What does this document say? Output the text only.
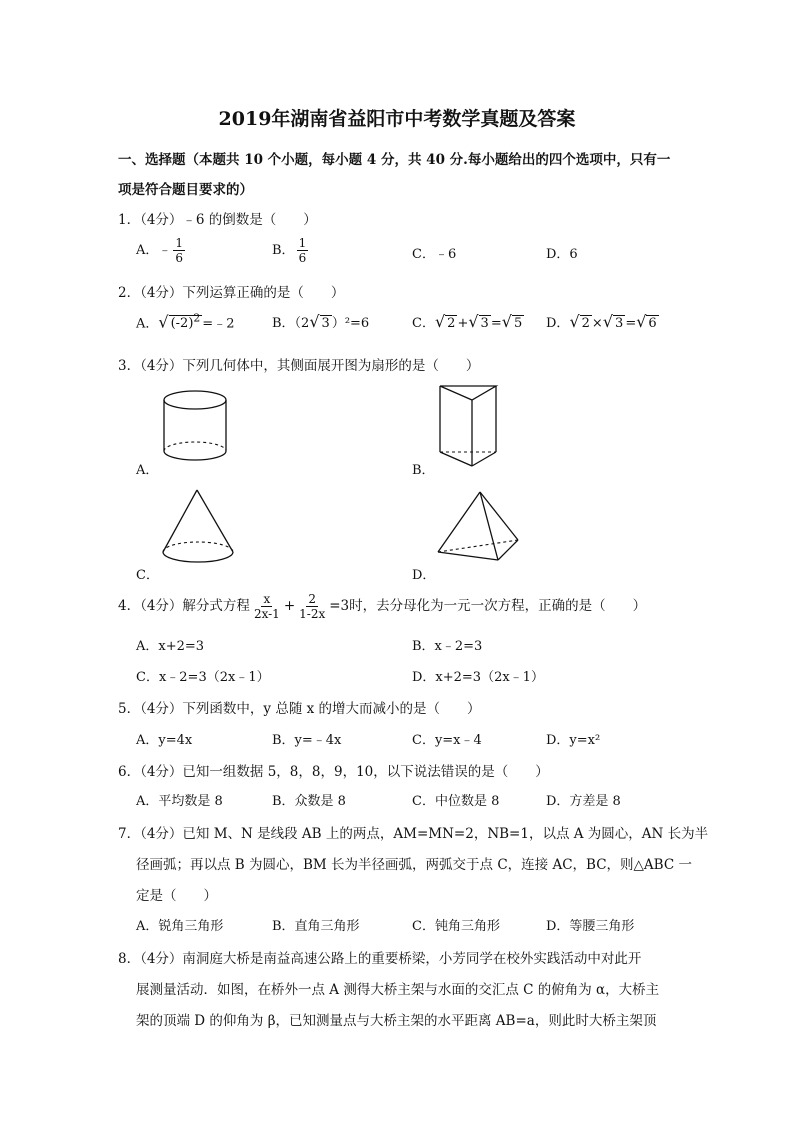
2019年湖南省益阳市中考数学真题及答案
一、选择题（本题共 10 个小题，每小题 4 分，共 40 分.每小题给出的四个选项中，只有一
项是符合题目要求的）
1．（4分）﹣6 的倒数是（　　）
A．﹣ $\frac{1}{6}$	B． $\frac{1}{6}$	C．﹣6	D．6
2．（4分）下列运算正确的是（　　）
A．√ $(-2)^2$ =﹣2	B．（2√ 3 ）²=6	C．√ 2 +√ 3 =√ 5 D．√ 2 ×√ 3 =√ 6
3．（4分）下列几何体中，其侧面展开图为扇形的是（　　）
A．	B．
C．	D．
4．（4分）解分式方程 $\frac{x}{2x-1} + \frac{2}{1-2x} =3$时，去分母化为一元一次方程，正确的是（　　）
A．x+2=3	B．x﹣2=3
C．x﹣2=3（2x﹣1）	D．x+2=3（2x﹣1）
5．（4分）下列函数中，y 总随 x 的增大而减小的是（　　）
A．y=4x	B．y=﹣4x	C．y=x﹣4	D．y=x²
6．（4分）已知一组数据 5，8，8，9，10，以下说法错误的是（　　）
A．平均数是 8	B．众数是 8	C．中位数是 8	D．方差是 8
7．（4分）已知 M、N 是线段 AB 上的两点，AM=MN=2，NB=1，以点 A 为圆心，AN 长为半
径画弧；再以点 B 为圆心，BM 长为半径画弧，两弧交于点 C，连接 AC，BC，则△ABC 一
定是（　　）
A．锐角三角形	B．直角三角形	C．钝角三角形	D．等腰三角形
8．（4分）南洞庭大桥是南益高速公路上的重要桥梁，小芳同学在校外实践活动中对此开
展测量活动．如图，在桥外一点 A 测得大桥主架与水面的交汇点 C 的俯角为 α，大桥主
架的顶端 D 的仰角为 β，已知测量点与大桥主架的水平距离 AB=a，则此时大桥主架顶
